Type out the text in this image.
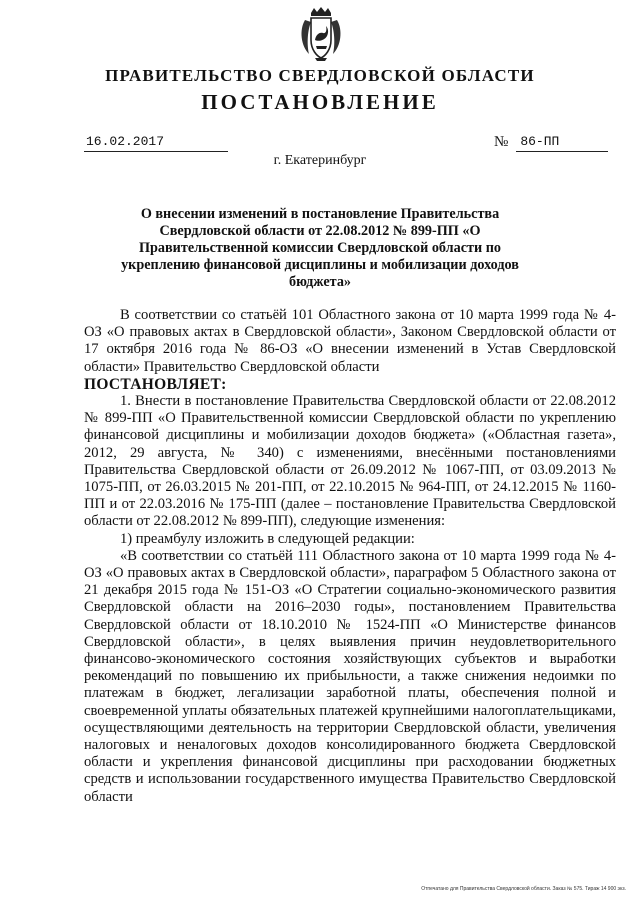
ПРАВИТЕЛЬСТВО СВЕРДЛОВСКОЙ ОБЛАСТИ
ПОСТАНОВЛЕНИЕ
16.02.2017	№ 86-ПП
г. Екатеринбург
О внесении изменений в постановление Правительства Свердловской области от 22.08.2012 № 899-ПП «О Правительственной комиссии Свердловской области по укреплению финансовой дисциплины и мобилизации доходов бюджета»

В соответствии со статьёй 101 Областного закона от 10 марта 1999 года № 4-ОЗ «О правовых актах в Свердловской области», Законом Свердловской области от 17 октября 2016 года № 86-ОЗ «О внесении изменений в Устав Свердловской области» Правительство Свердловской области

ПОСТАНОВЛЯЕТ:

1. Внести в постановление Правительства Свердловской области от 22.08.2012 № 899-ПП «О Правительственной комиссии Свердловской области по укреплению финансовой дисциплины и мобилизации доходов бюджета» («Областная газета», 2012, 29 августа, № 340) с изменениями, внесёнными постановлениями Правительства Свердловской области от 26.09.2012 № 1067-ПП, от 03.09.2013 № 1075-ПП, от 26.03.2015 № 201-ПП, от 22.10.2015 № 964-ПП, от 24.12.2015 № 1160-ПП и от 22.03.2016 № 175-ПП (далее – постановление Правительства Свердловской области от 22.08.2012 № 899-ПП), следующие изменения:

1) преамбулу изложить в следующей редакции:

«В соответствии со статьёй 111 Областного закона от 10 марта 1999 года № 4-ОЗ «О правовых актах в Свердловской области», параграфом 5 Областного закона от 21 декабря 2015 года № 151-ОЗ «О Стратегии социально-экономического развития Свердловской области на 2016–2030 годы», постановлением Правительства Свердловской области от 18.10.2010 № 1524-ПП «О Министерстве финансов Свердловской области», в целях выявления причин неудовлетворительного финансово-экономического состояния хозяйствующих субъектов и выработки рекомендаций по повышению их прибыльности, а также снижения недоимки по платежам в бюджет, легализации заработной платы, обеспечения полной и своевременной уплаты обязательных платежей крупнейшими налогоплательщиками, осуществляющими деятельность на территории Свердловской области, увеличения налоговых и неналоговых доходов консолидированного бюджета Свердловской области и укрепления финансовой дисциплины при расходовании бюджетных средств и использовании государственного имущества Правительство Свердловской области

Отпечатано для Правительства Свердловской области. Заказ № 575. Тираж 14 900 экз.
